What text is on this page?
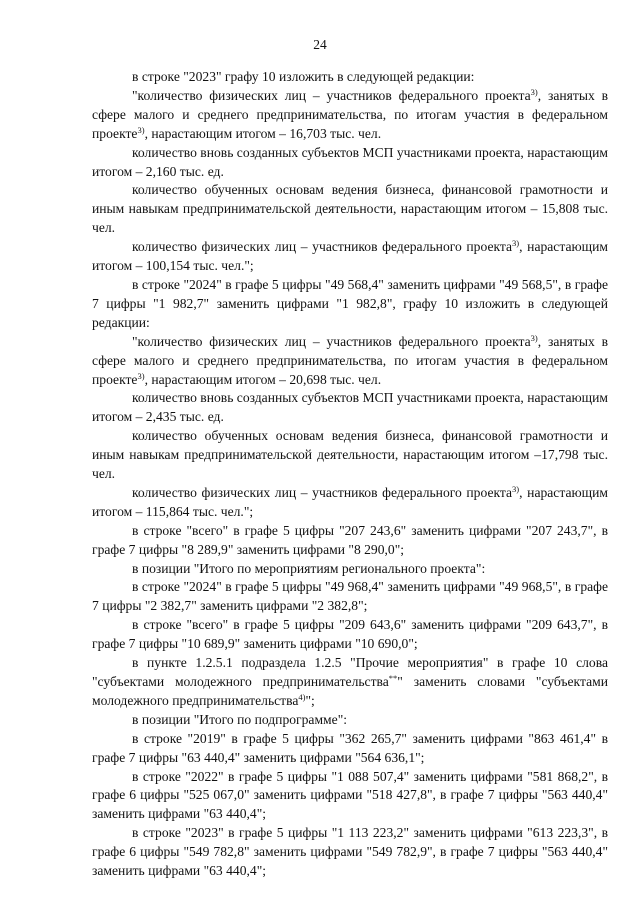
24

в строке "2023" графу 10 изложить в следующей редакции:

"количество физических лиц – участников федерального проекта$^{3)}$, занятых в сфере малого и среднего предпринимательства, по итогам участия в федеральном проекте$^{3)}$, нарастающим итогом – 16,703 тыс. чел.

количество вновь созданных субъектов МСП участниками проекта, нарастающим итогом – 2,160 тыс. ед.

количество обученных основам ведения бизнеса, финансовой грамотности и иным навыкам предпринимательской деятельности, нарастающим итогом – 15,808 тыс. чел.

количество физических лиц – участников федерального проекта$^{3)}$, нарастающим итогом – 100,154 тыс. чел.";

в строке "2024" в графе 5 цифры "49 568,4" заменить цифрами "49 568,5", в графе 7 цифры "1 982,7" заменить цифрами "1 982,8", графу 10 изложить в следующей редакции:

"количество физических лиц – участников федерального проекта$^{3)}$, занятых в сфере малого и среднего предпринимательства, по итогам участия в федеральном проекте$^{3)}$, нарастающим итогом – 20,698 тыс. чел.

количество вновь созданных субъектов МСП участниками проекта, нарастающим итогом – 2,435 тыс. ед.

количество обученных основам ведения бизнеса, финансовой грамотности и иным навыкам предпринимательской деятельности, нарастающим итогом –17,798 тыс. чел.

количество физических лиц – участников федерального проекта$^{3)}$, нарастающим итогом – 115,864 тыс. чел.";

в строке "всего" в графе 5 цифры "207 243,6" заменить цифрами "207 243,7", в графе 7 цифры "8 289,9" заменить цифрами "8 290,0";

в позиции "Итого по мероприятиям регионального проекта":

в строке "2024" в графе 5 цифры "49 968,4" заменить цифрами "49 968,5", в графе 7 цифры "2 382,7" заменить цифрами "2 382,8";

в строке "всего" в графе 5 цифры "209 643,6" заменить цифрами "209 643,7", в графе 7 цифры "10 689,9" заменить цифрами "10 690,0";

в пункте 1.2.5.1 подраздела 1.2.5 "Прочие мероприятия" в графе 10 слова "субъектами молодежного предпринимательства**" заменить словами "субъектами молодежного предпринимательства$^{4)}$";

в позиции "Итого по подпрограмме":

в строке "2019" в графе 5 цифры "362 265,7" заменить цифрами "863 461,4" в графе 7 цифры "63 440,4" заменить цифрами "564 636,1";

в строке "2022" в графе 5 цифры "1 088 507,4" заменить цифрами "581 868,2", в графе 6 цифры "525 067,0" заменить цифрами "518 427,8", в графе 7 цифры "563 440,4" заменить цифрами "63 440,4";

в строке "2023" в графе 5 цифры "1 113 223,2" заменить цифрами "613 223,3", в графе 6 цифры "549 782,8" заменить цифрами "549 782,9", в графе 7 цифры "563 440,4" заменить цифрами "63 440,4";
